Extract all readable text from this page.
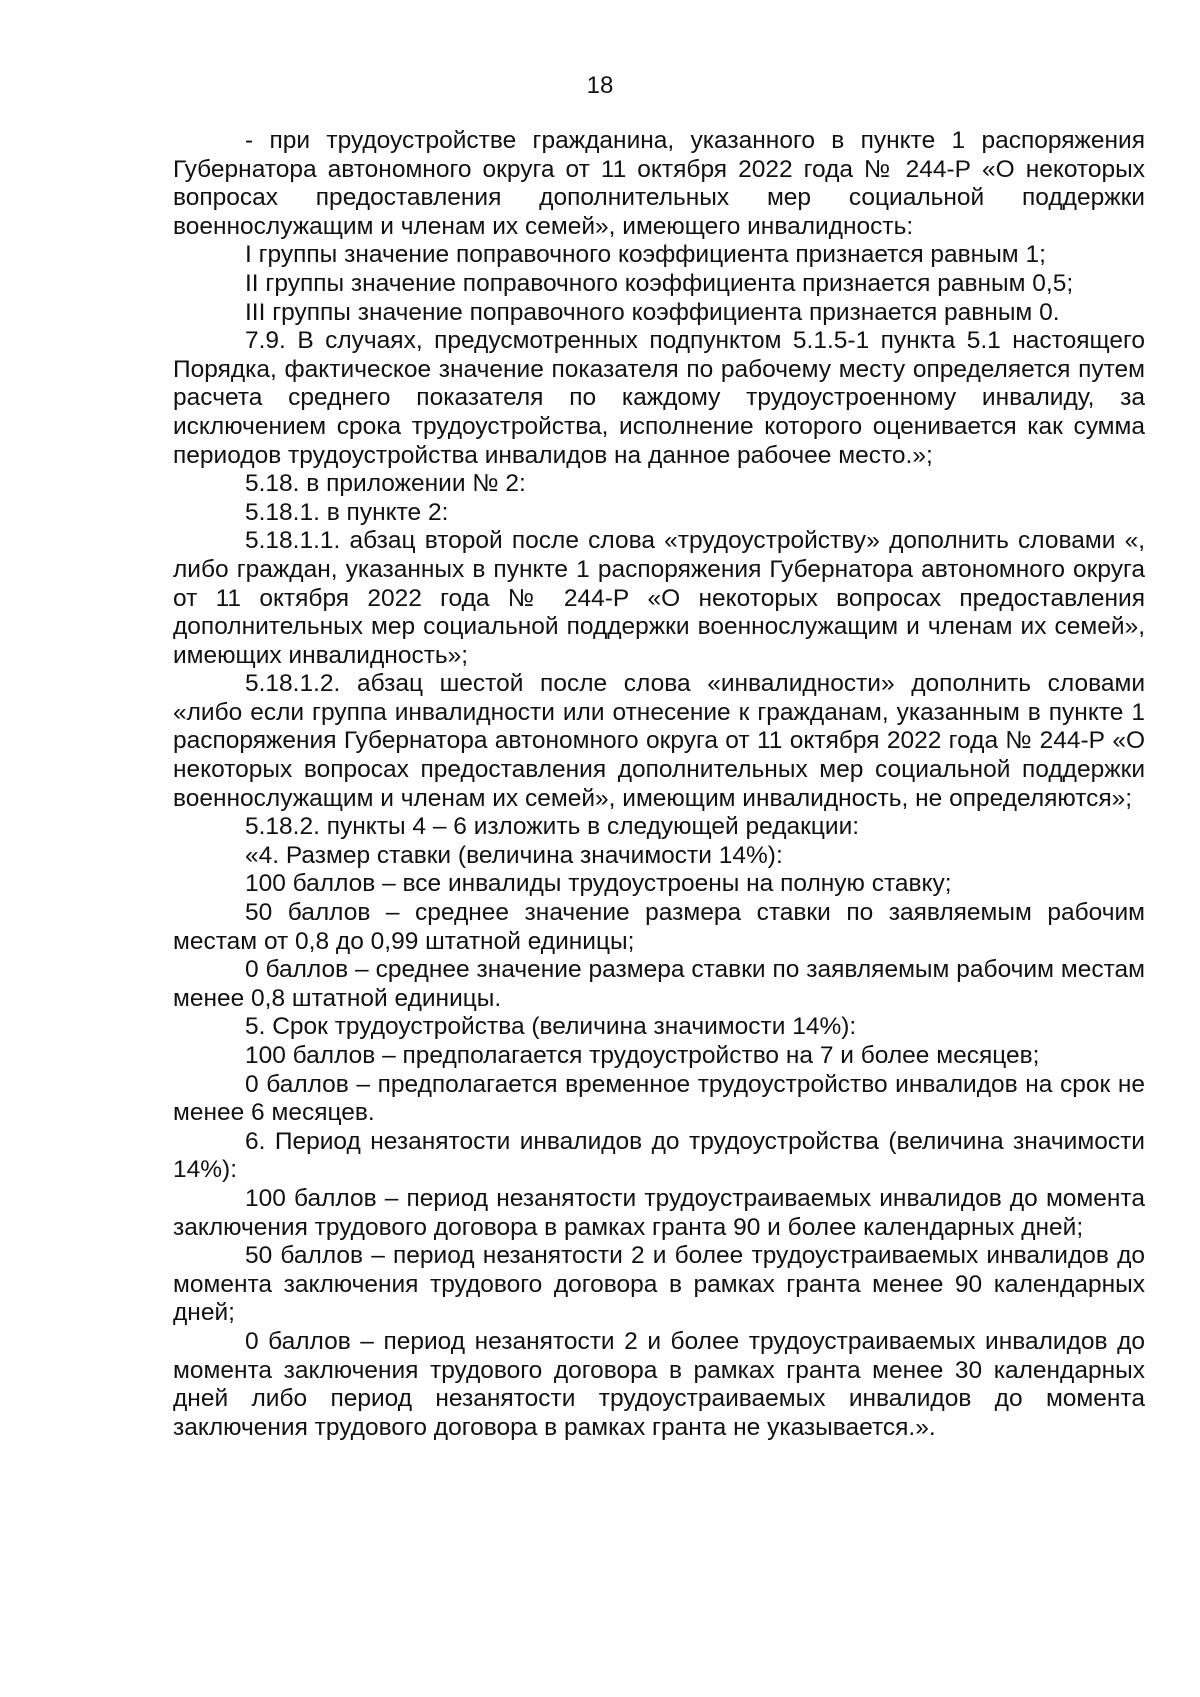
18

- при трудоустройстве гражданина, указанного в пункте 1 распоряжения Губернатора автономного округа от 11 октября 2022 года № 244-Р «О некоторых вопросах предоставления дополнительных мер социальной поддержки военнослужащим и членам их семей», имеющего инвалидность:

I группы значение поправочного коэффициента признается равным 1;

II группы значение поправочного коэффициента признается равным 0,5;

III группы значение поправочного коэффициента признается равным 0.

7.9. В случаях, предусмотренных подпунктом 5.1.5-1 пункта 5.1 настоящего Порядка, фактическое значение показателя по рабочему месту определяется путем расчета среднего показателя по каждому трудоустроенному инвалиду, за исключением срока трудоустройства, исполнение которого оценивается как сумма периодов трудоустройства инвалидов на данное рабочее место.»;

5.18. в приложении № 2:

5.18.1. в пункте 2:

5.18.1.1. абзац второй после слова «трудоустройству» дополнить словами «, либо граждан, указанных в пункте 1 распоряжения Губернатора автономного округа от 11 октября 2022 года № 244-Р «О некоторых вопросах предоставления дополнительных мер социальной поддержки военнослужащим и членам их семей», имеющих инвалидность»;

5.18.1.2. абзац шестой после слова «инвалидности» дополнить словами «либо если группа инвалидности или отнесение к гражданам, указанным в пункте 1 распоряжения Губернатора автономного округа от 11 октября 2022 года № 244-Р «О некоторых вопросах предоставления дополнительных мер социальной поддержки военнослужащим и членам их семей», имеющим инвалидность, не определяются»;

5.18.2. пункты 4 – 6 изложить в следующей редакции:

«4. Размер ставки (величина значимости 14%):

100 баллов – все инвалиды трудоустроены на полную ставку;

50 баллов – среднее значение размера ставки по заявляемым рабочим местам от 0,8 до 0,99 штатной единицы;

0 баллов – среднее значение размера ставки по заявляемым рабочим местам менее 0,8 штатной единицы.

5. Срок трудоустройства (величина значимости 14%):

100 баллов – предполагается трудоустройство на 7 и более месяцев;

0 баллов – предполагается временное трудоустройство инвалидов на срок не менее 6 месяцев.

6. Период незанятости инвалидов до трудоустройства (величина значимости 14%):

100 баллов – период незанятости трудоустраиваемых инвалидов до момента заключения трудового договора в рамках гранта 90 и более календарных дней;

50 баллов – период незанятости 2 и более трудоустраиваемых инвалидов до момента заключения трудового договора в рамках гранта менее 90 календарных дней;

0 баллов – период незанятости 2 и более трудоустраиваемых инвалидов до момента заключения трудового договора в рамках гранта менее 30 календарных дней либо период незанятости трудоустраиваемых инвалидов до момента заключения трудового договора в рамках гранта не указывается.».
